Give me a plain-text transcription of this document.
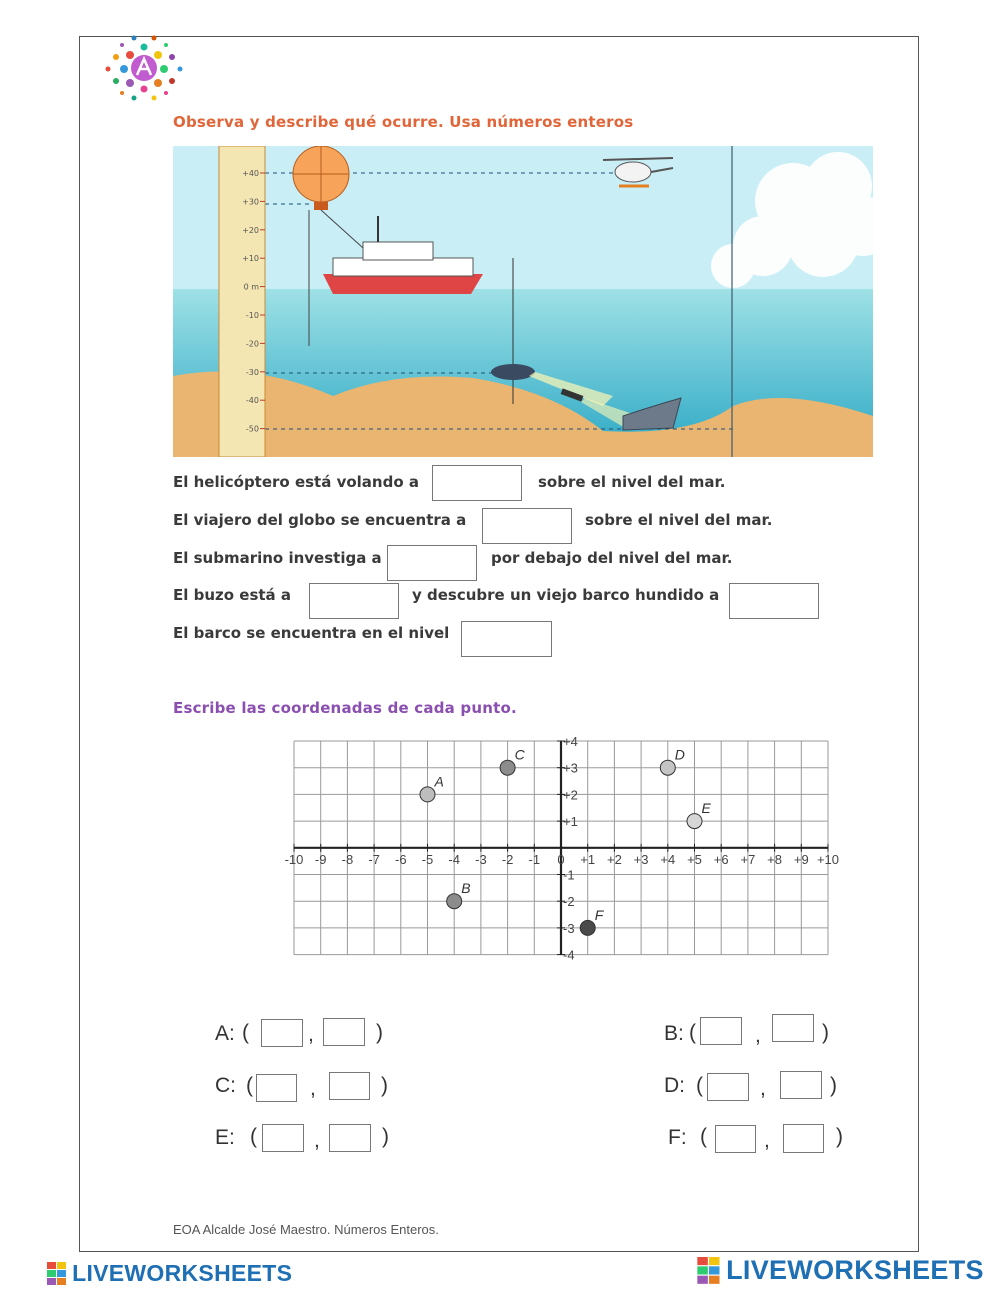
Observa y describe qué ocurre. Usa números enteros
+40
+30
+20
+10
0 m
-10
-20
-30
-40
-50
El helicóptero está volando a	sobre el nivel del mar.
El viajero del globo se encuentra a	sobre el nivel del mar.
El submarino investiga a	por debajo del nivel del mar.
El buzo está a	y descubre un viejo barco hundido a
El barco se encuentra en el nivel
Escribe las coordenadas de cada punto.
-10 -9 -8 -7 -6 -5 -4 -3 -2 -1 0 +1 +2 +3 +4 +5 +6 +7 +8 +9 +10
+4
+3
+2
+1
-1
-2
-3
-4
A
B
C	D
E
F
A: (	,	)	B: (	,	)
C: (	,	)	D: (	,	)
E: (	,	)	F: (	,	)
EOA Alcalde José Maestro. Números Enteros.
LIVEWORKSHEETS	LIVEWORKSHEETS
